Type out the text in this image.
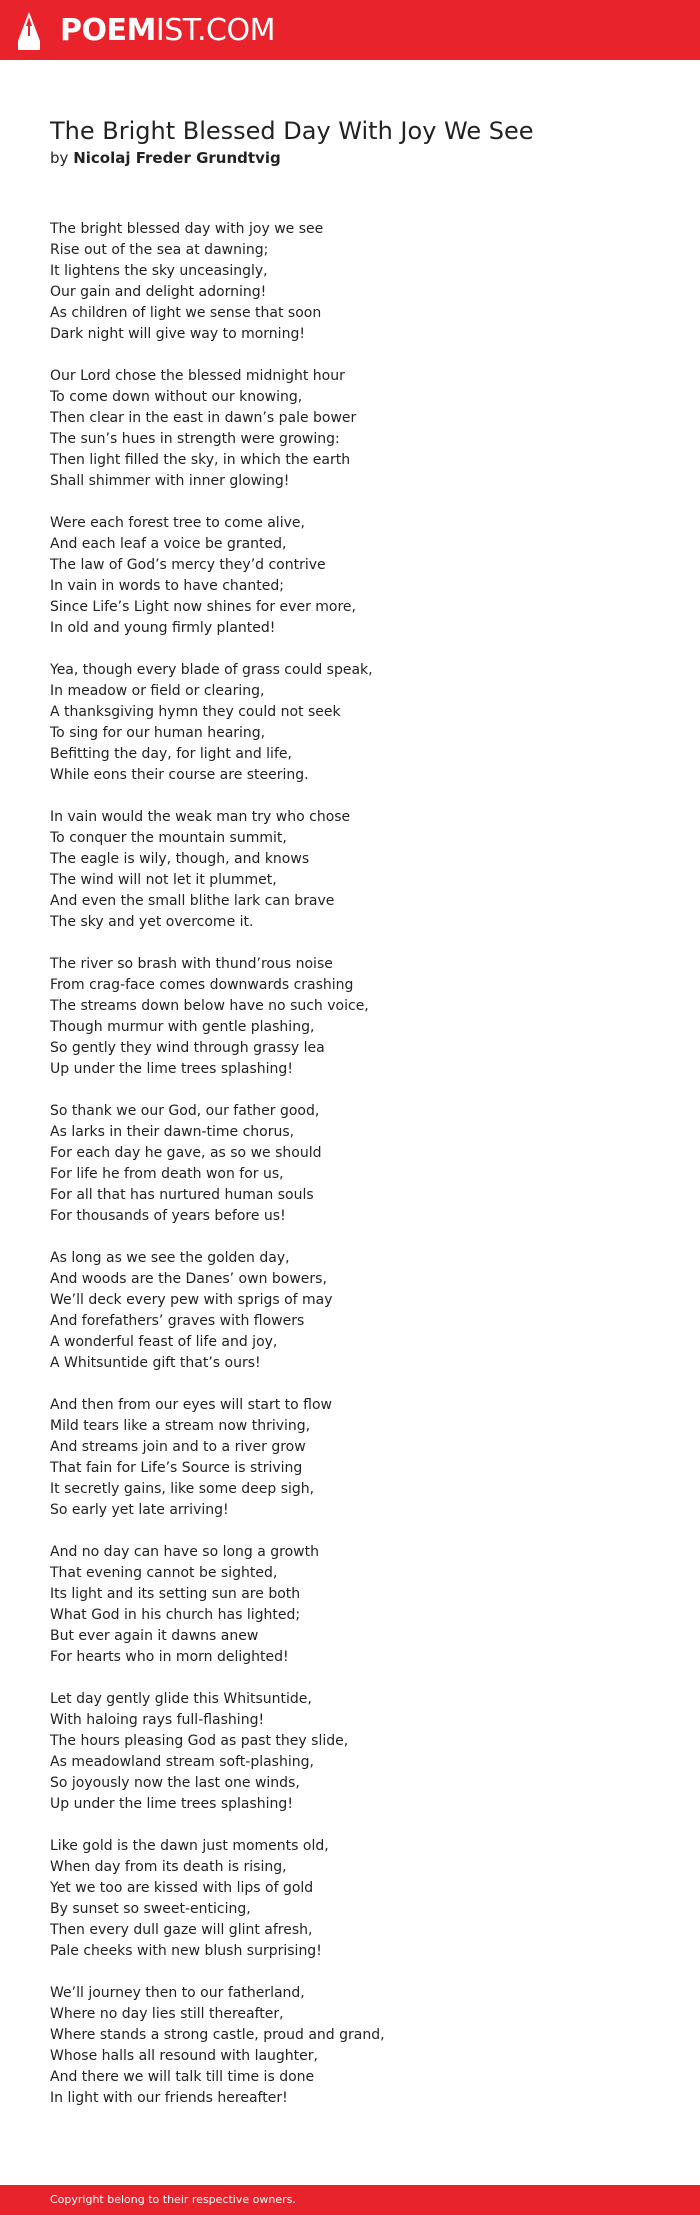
POEMIST.COM
The Bright Blessed Day With Joy We See
by Nicolaj Freder Grundtvig
The bright blessed day with joy we see
Rise out of the sea at dawning;
It lightens the sky unceasingly,
Our gain and delight adorning!
As children of light we sense that soon
Dark night will give way to morning!
Our Lord chose the blessed midnight hour
To come down without our knowing,
Then clear in the east in dawn’s pale bower
The sun’s hues in strength were growing:
Then light filled the sky, in which the earth
Shall shimmer with inner glowing!
Were each forest tree to come alive,
And each leaf a voice be granted,
The law of God’s mercy they’d contrive
In vain in words to have chanted;
Since Life’s Light now shines for ever more,
In old and young firmly planted!
Yea, though every blade of grass could speak,
In meadow or field or clearing,
A thanksgiving hymn they could not seek
To sing for our human hearing,
Befitting the day, for light and life,
While eons their course are steering.
In vain would the weak man try who chose
To conquer the mountain summit,
The eagle is wily, though, and knows
The wind will not let it plummet,
And even the small blithe lark can brave
The sky and yet overcome it.
The river so brash with thund’rous noise
From crag-face comes downwards crashing
The streams down below have no such voice,
Though murmur with gentle plashing,
So gently they wind through grassy lea
Up under the lime trees splashing!
So thank we our God, our father good,
As larks in their dawn-time chorus,
For each day he gave, as so we should
For life he from death won for us,
For all that has nurtured human souls
For thousands of years before us!
As long as we see the golden day,
And woods are the Danes’ own bowers,
We’ll deck every pew with sprigs of may
And forefathers’ graves with flowers
A wonderful feast of life and joy,
A Whitsuntide gift that’s ours!
And then from our eyes will start to flow
Mild tears like a stream now thriving,
And streams join and to a river grow
That fain for Life’s Source is striving
It secretly gains, like some deep sigh,
So early yet late arriving!
And no day can have so long a growth
That evening cannot be sighted,
Its light and its setting sun are both
What God in his church has lighted;
But ever again it dawns anew
For hearts who in morn delighted!
Let day gently glide this Whitsuntide,
With haloing rays full-flashing!
The hours pleasing God as past they slide,
As meadowland stream soft-plashing,
So joyously now the last one winds,
Up under the lime trees splashing!
Like gold is the dawn just moments old,
When day from its death is rising,
Yet we too are kissed with lips of gold
By sunset so sweet-enticing,
Then every dull gaze will glint afresh,
Pale cheeks with new blush surprising!
We’ll journey then to our fatherland,
Where no day lies still thereafter,
Where stands a strong castle, proud and grand,
Whose halls all resound with laughter,
And there we will talk till time is done
In light with our friends hereafter!
Copyright belong to their respective owners.
